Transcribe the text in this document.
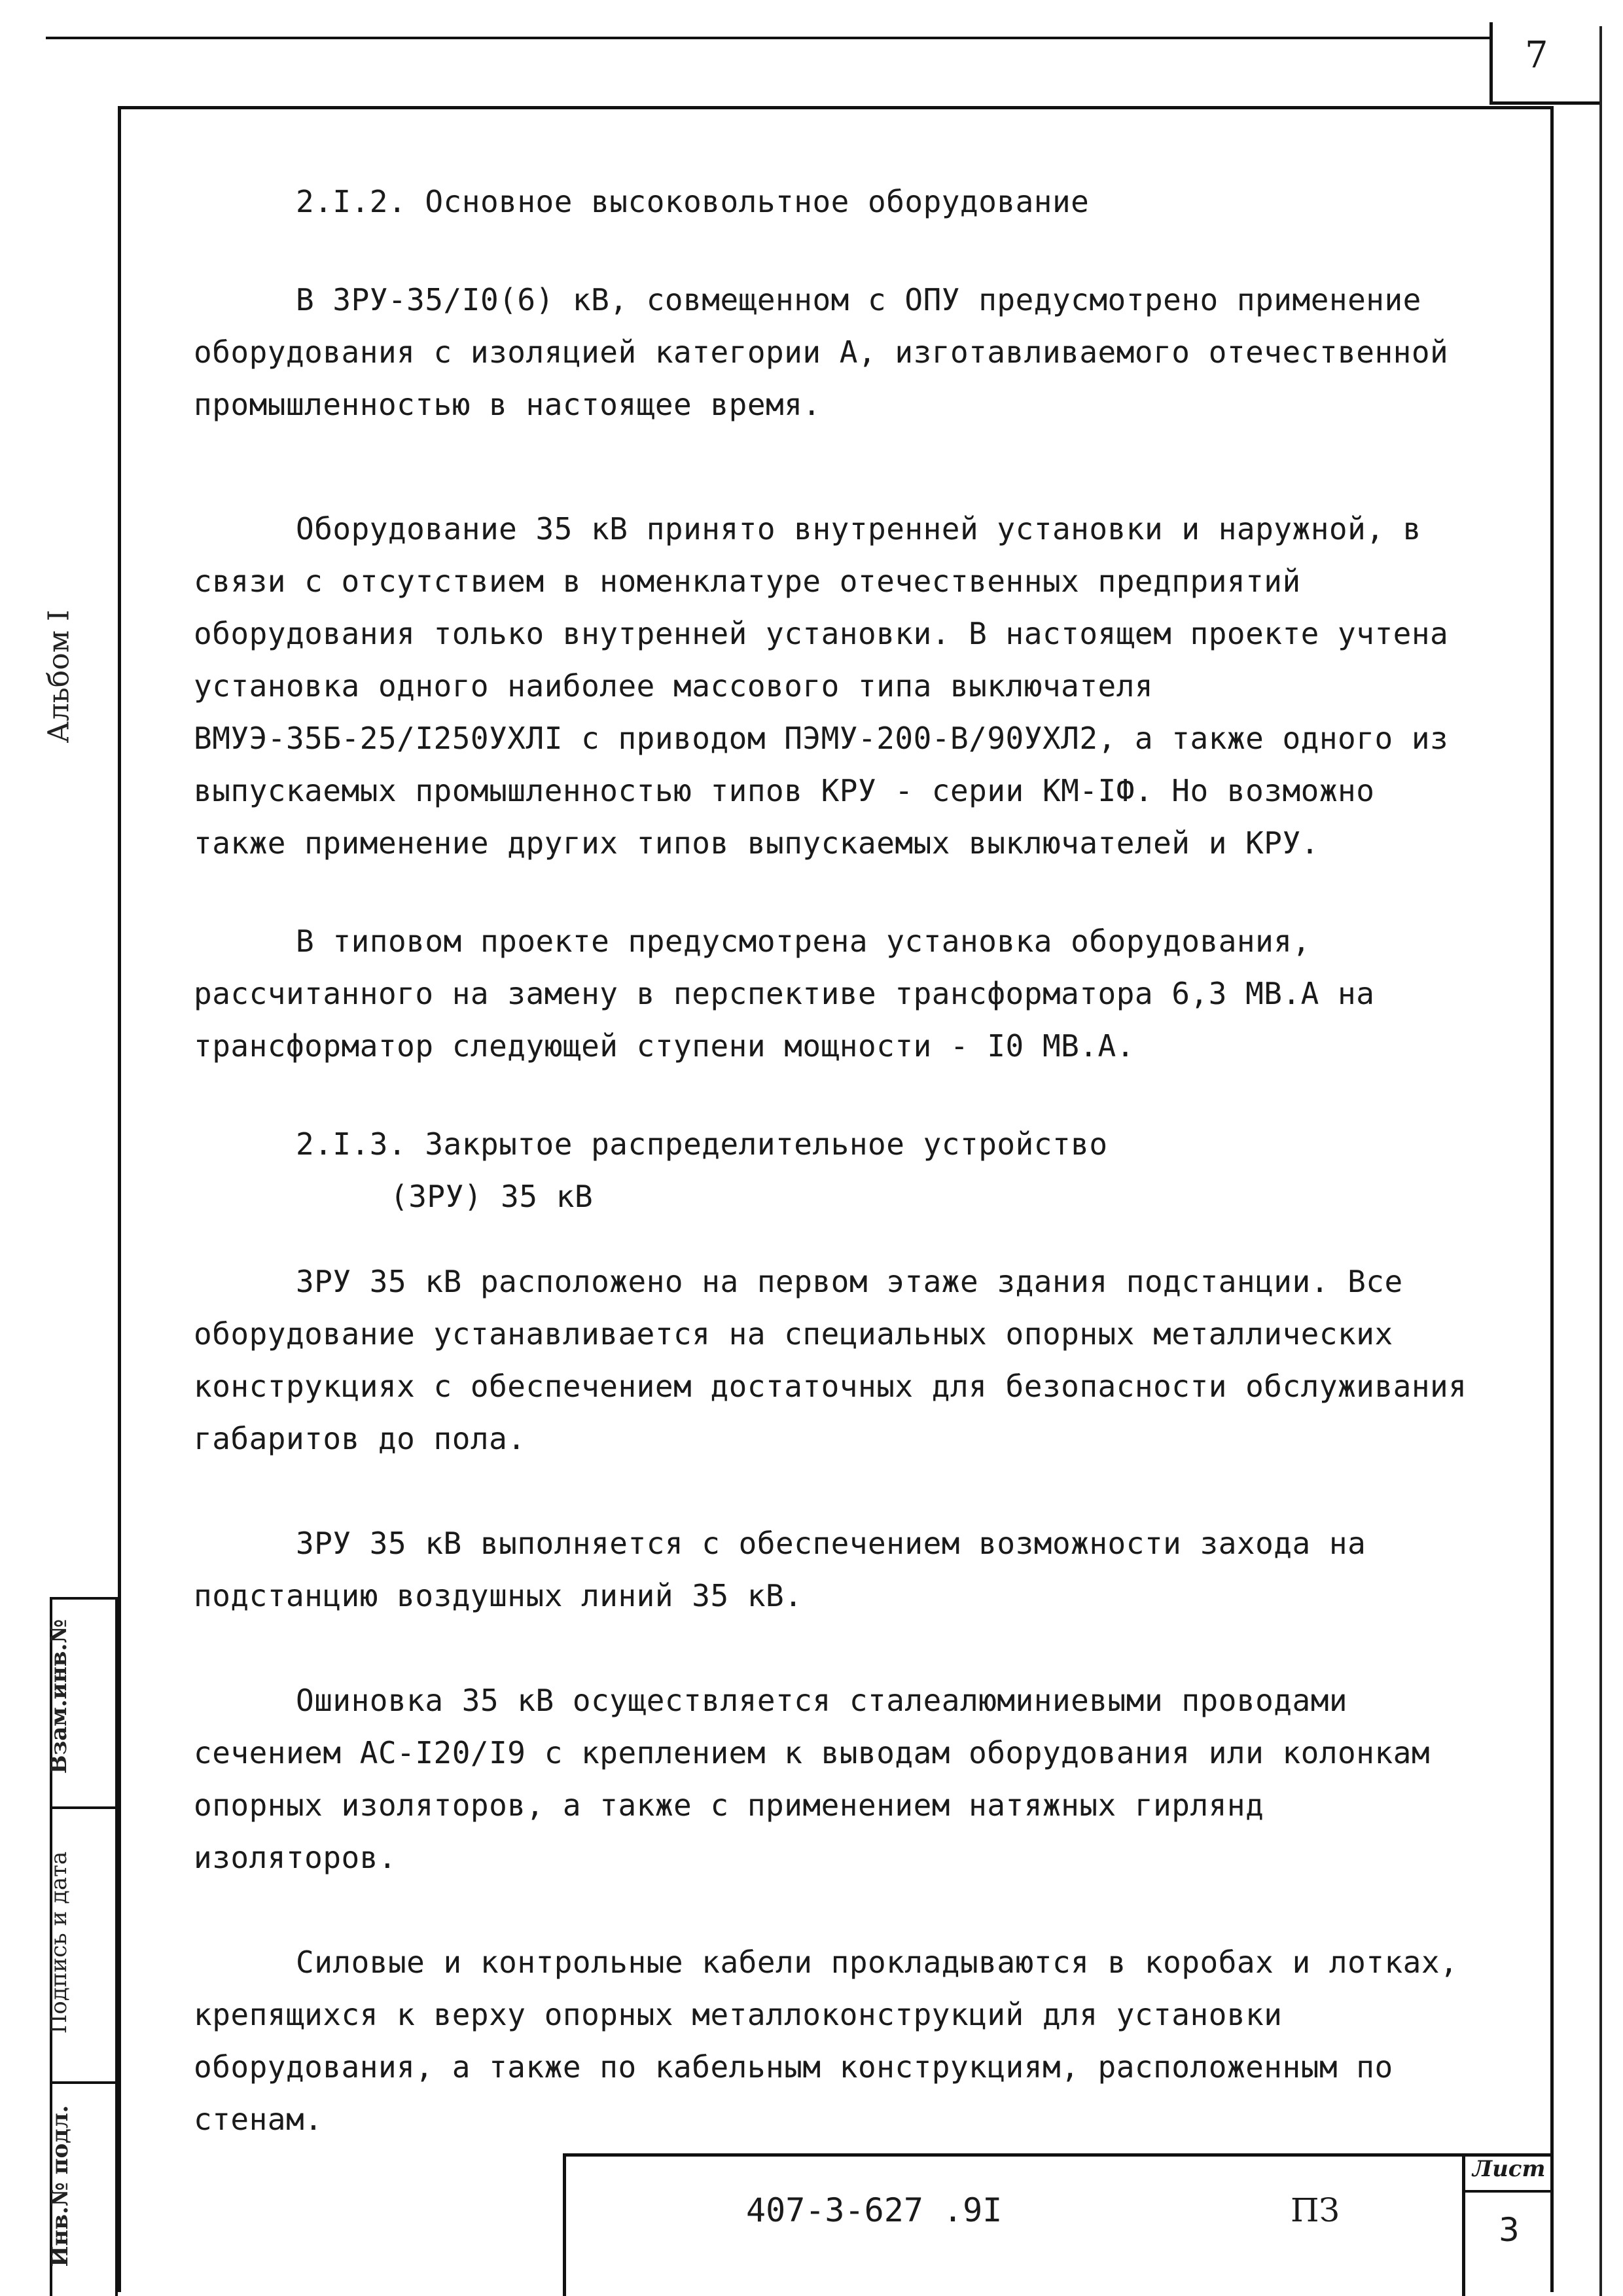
7
Альбом I
Взам.инв.№
Подпись и дата
Инв.№ подл.
2.I.2. Основное высоковольтное оборудование

В ЗРУ-35/I0(6) кВ, совмещенном с ОПУ предусмотрено применение оборудования с изоляцией категории А, изготавливаемого отечественной промышленностью в настоящее время.

Оборудование 35 кВ принято внутренней установки и наружной, в связи с отсутствием в номенклатуре отечественных предприятий оборудования только внутренней установки. В настоящем проекте учтена установка одного наиболее массового типа выключателя ВМУЭ-35Б-25/I250УХЛI с приводом ПЭМУ-200-В/90УХЛ2, а также одного из выпускаемых промышленностью типов КРУ - серии КМ-IФ. Но возможно также применение других типов выпускаемых выключателей и КРУ.

В типовом проекте предусмотрена установка оборудования, рассчитанного на замену в перспективе трансформатора 6,3 МВ.А на трансформатор следующей ступени мощности - I0 МВ.А.

2.I.3. Закрытое распределительное устройство
(ЗРУ) 35 кВ

ЗРУ 35 кВ расположено на первом этаже здания подстанции. Все оборудование устанавливается на специальных опорных металлических конструкциях с обеспечением достаточных для безопасности обслуживания габаритов до пола.

ЗРУ 35 кВ выполняется с обеспечением возможности захода на подстанцию воздушных линий 35 кВ.

Ошиновка 35 кВ осуществляется сталеалюминиевыми проводами сечением АС-I20/I9 с креплением к выводам оборудования или колонкам опорных изоляторов, а также с применением натяжных гирлянд изоляторов.

Силовые и контрольные кабели прокладываются в коробах и лотках, крепящихся к верху опорных металлоконструкций для установки оборудования, а также по кабельным конструкциям, расположенным по стенам.

407-3-627 .9I	ПЗ
Лист
3
